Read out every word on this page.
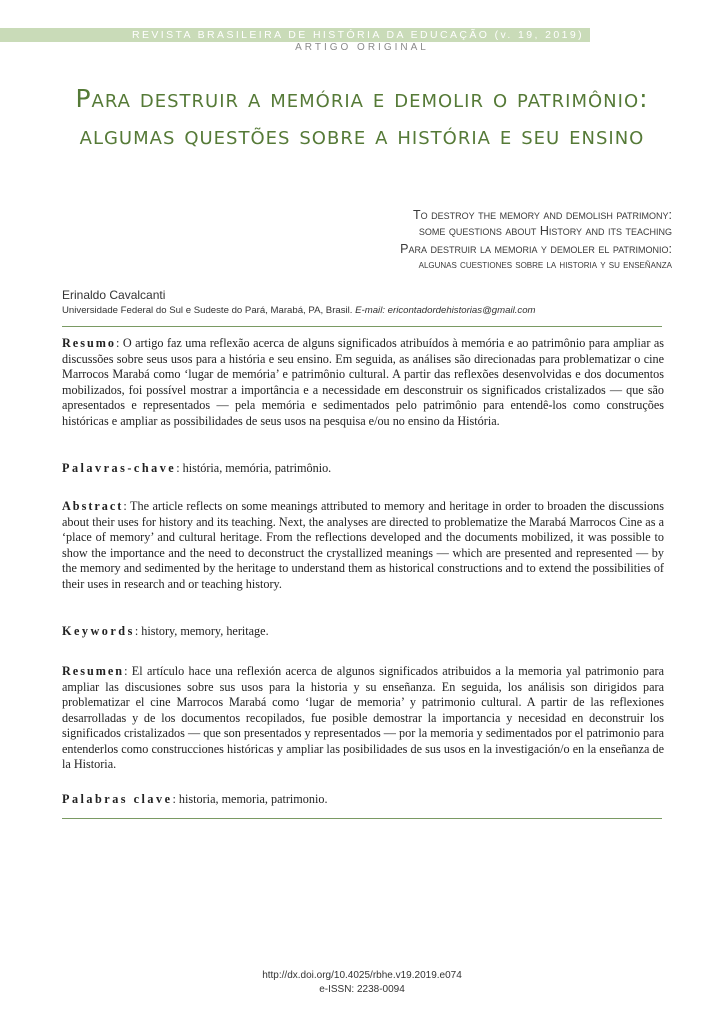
REVISTA BRASILEIRA DE HISTÓRIA DA EDUCAÇÃO (v. 19, 2019)
ARTIGO ORIGINAL
Para destruir a memória e demolir o patrimônio: algumas questões sobre a história e seu ensino
To destroy the memory and demolish patrimony:
some questions about History and its teaching
Para destruir la memoria y demoler el patrimonio:
algunas cuestiones sobre la historia y su enseñanza
Erinaldo Cavalcanti
Universidade Federal do Sul e Sudeste do Pará, Marabá, PA, Brasil. E-mail: ericontadordehistorias@gmail.com
Resumo: O artigo faz uma reflexão acerca de alguns significados atribuídos à memória e ao patrimônio para ampliar as discussões sobre seus usos para a história e seu ensino. Em seguida, as análises são direcionadas para problematizar o cine Marrocos Marabá como ‘lugar de memória’ e patrimônio cultural. A partir das reflexões desenvolvidas e dos documentos mobilizados, foi possível mostrar a importância e a necessidade em desconstruir os significados cristalizados — que são apresentados e representados — pela memória e sedimentados pelo patrimônio para entendê-los como construções históricas e ampliar as possibilidades de seus usos na pesquisa e/ou no ensino da História.
Palavras-chave: história, memória, patrimônio.
Abstract: The article reflects on some meanings attributed to memory and heritage in order to broaden the discussions about their uses for history and its teaching. Next, the analyses are directed to problematize the Marabá Marrocos Cine as a ‘place of memory’ and cultural heritage. From the reflections developed and the documents mobilized, it was possible to show the importance and the need to deconstruct the crystallized meanings — which are presented and represented — by the memory and sedimented by the heritage to understand them as historical constructions and to extend the possibilities of their uses in research and or teaching history.
Keywords: history, memory, heritage.
Resumen: El artículo hace una reflexión acerca de algunos significados atribuidos a la memoria yal patrimonio para ampliar las discusiones sobre sus usos para la historia y su enseñanza. En seguida, los análisis son dirigidos para problematizar el cine Marrocos Marabá como ‘lugar de memoria’ y patrimonio cultural. A partir de las reflexiones desarrolladas y de los documentos recopilados, fue posible demostrar la importancia y necesidad en deconstruir los significados cristalizados — que son presentados y representados — por la memoria y sedimentados por el patrimonio para entenderlos como construcciones históricas y ampliar las posibilidades de sus usos en la investigación/o en la enseñanza de la Historia.
Palabras clave: historia, memoria, patrimonio.
http://dx.doi.org/10.4025/rbhe.v19.2019.e074
e-ISSN: 2238-0094
